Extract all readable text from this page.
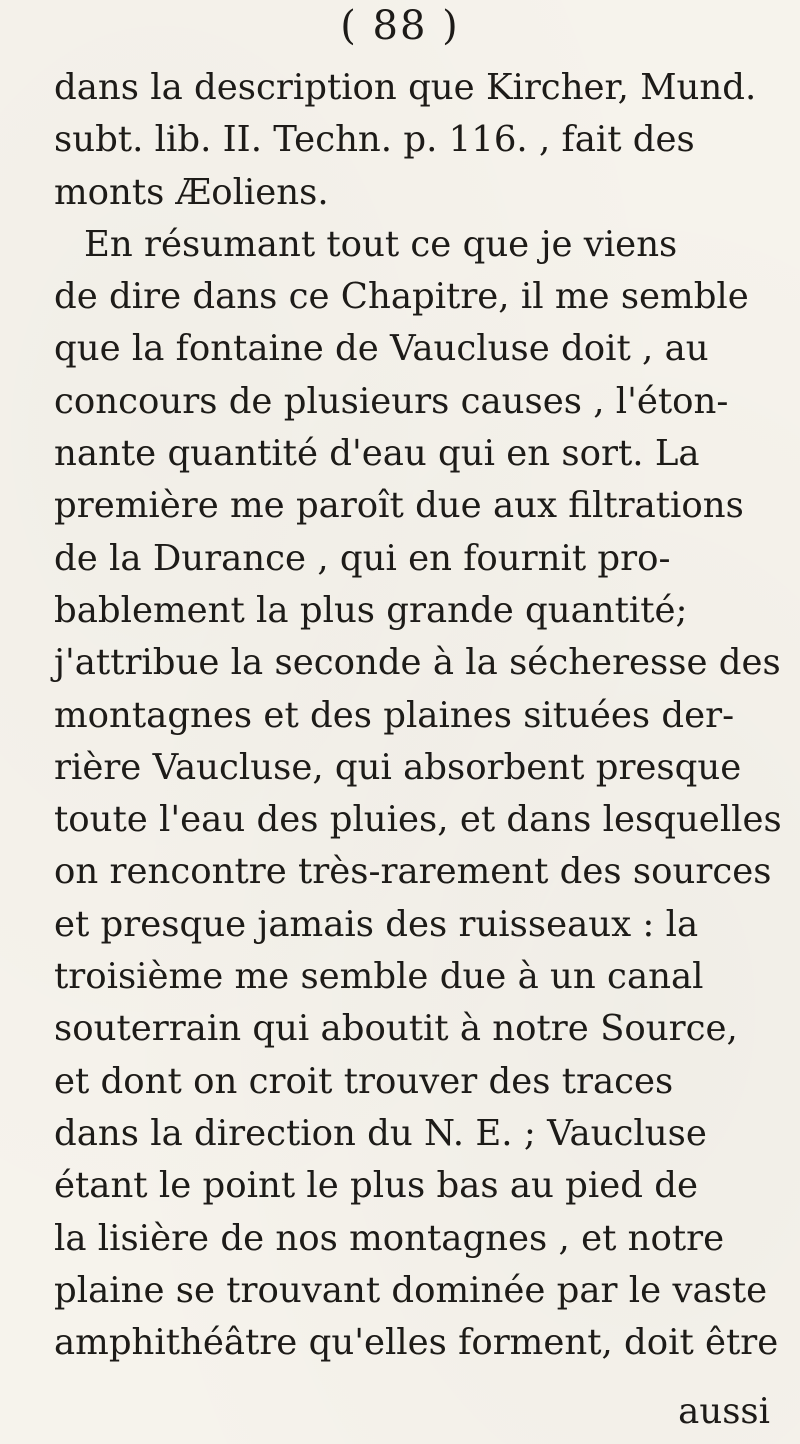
( 88 )
dans la description que Kircher, Mund.
subt. lib. II. Techn. p. 116. , fait des
monts Æoliens.
En résumant tout ce que je viens
de dire dans ce Chapitre, il me semble
que la fontaine de Vaucluse doit , au
concours de plusieurs causes , l'éton-
nante quantité d'eau qui en sort. La
première me paroît due aux filtrations
de la Durance , qui en fournit pro-
bablement la plus grande quantité;
j'attribue la seconde à la sécheresse des
montagnes et des plaines situées der-
rière Vaucluse, qui absorbent presque
toute l'eau des pluies, et dans lesquelles
on rencontre très-rarement des sources
et presque jamais des ruisseaux : la
troisième me semble due à un canal
souterrain qui aboutit à notre Source,
et dont on croit trouver des traces
dans la direction du N. E. ; Vaucluse
étant le point le plus bas au pied de
la lisière de nos montagnes , et notre
plaine se trouvant dominée par le vaste
amphithéâtre qu'elles forment, doit être
aussi
